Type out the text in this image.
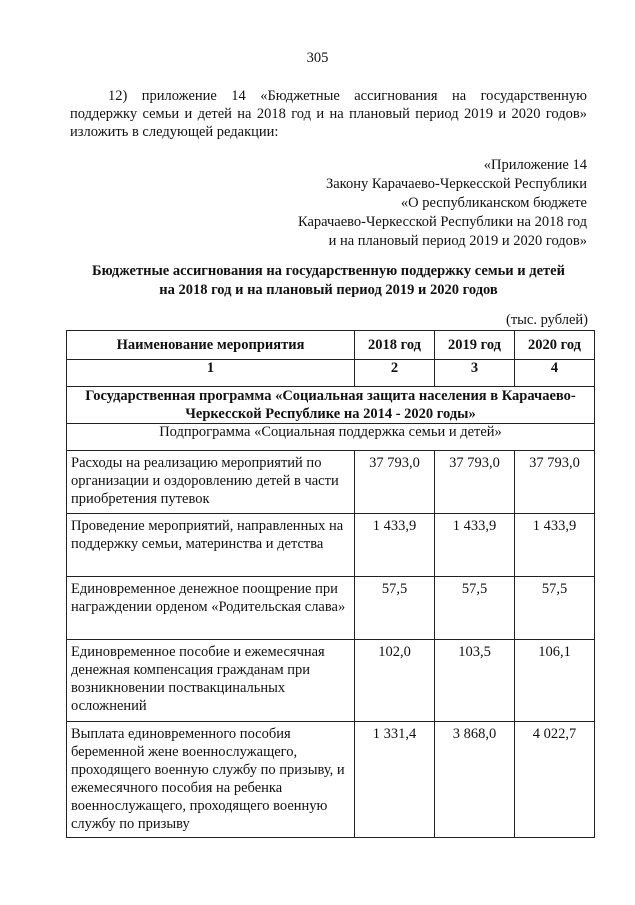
305
12) приложение 14 «Бюджетные ассигнования на государственную поддержку семьи и детей на 2018 год и на плановый период 2019 и 2020 годов» изложить в следующей редакции:
«Приложение 14
Закону Карачаево-Черкесской Республики
«О республиканском бюджете
Карачаево-Черкесской Республики на 2018 год
и на плановый период 2019 и 2020 годов»
Бюджетные ассигнования на государственную поддержку семьи и детей
на 2018 год и на плановый период 2019 и 2020 годов
(тыс. рублей)
Наименование мероприятия	2018 год	2019 год	2020 год
1	2	3	4
Государственная программа «Социальная защита населения в Карачаево-Черкесской Республике на 2014 - 2020 годы»			
Подпрограмма «Социальная поддержка семьи и детей»			
Расходы на реализацию мероприятий по организации и оздоровлению детей в части приобретения путевок	37 793,0	37 793,0	37 793,0
Проведение мероприятий, направленных на поддержку семьи, материнства и детства	1 433,9	1 433,9	1 433,9
Единовременное денежное поощрение при награждении орденом «Родительская слава»	57,5	57,5	57,5
Единовременное пособие и ежемесячная денежная компенсация гражданам при возникновении поствакцинальных осложнений	102,0	103,5	106,1
Выплата единовременного пособия беременной жене военнослужащего, проходящего военную службу по призыву, и ежемесячного пособия на ребенка военнослужащего, проходящего военную службу по призыву	1 331,4	3 868,0	4 022,7
